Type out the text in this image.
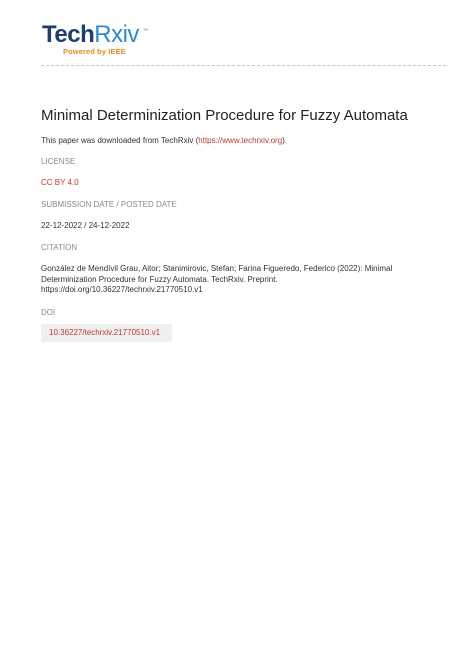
TechRxiv ™
Powered by IEEE
Minimal Determinization Procedure for Fuzzy Automata
This paper was downloaded from TechRxiv (https://www.techrxiv.org).
LICENSE
CC BY 4.0
SUBMISSION DATE / POSTED DATE
22-12-2022 / 24-12-2022
CITATION
González de Mendívil Grau, Aitor; Stanimirovic, Stefan; Farina Figueredo, Federico (2022): Minimal Determinization Procedure for Fuzzy Automata. TechRxiv. Preprint. https://doi.org/10.36227/techrxiv.21770510.v1
DOI
10.36227/techrxiv.21770510.v1
